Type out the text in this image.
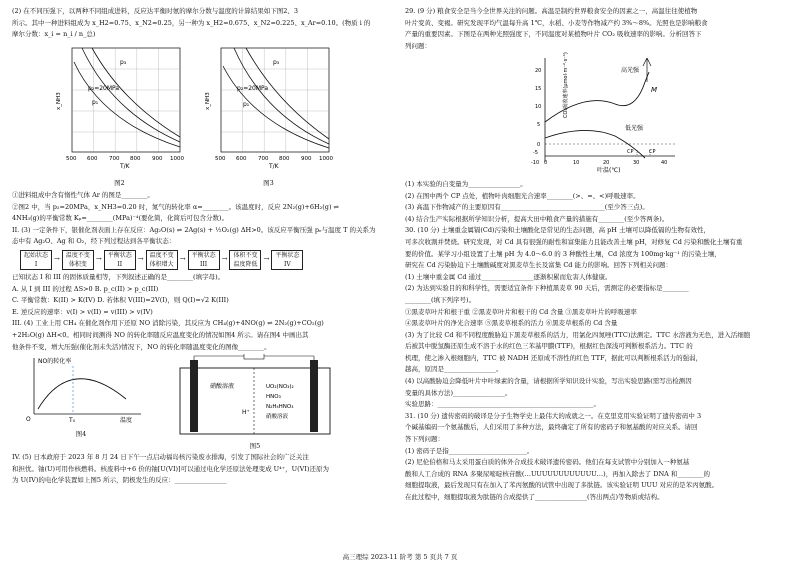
(2) 在不同压强下，以两种不同组成进料，反应达平衡时氨的摩尔分数与温度的计算结果如下图2、3

所示。其中一种进料组成为 x_H2=0.75、x_N2=0.25，另一种为 x_H2=0.675、x_N2=0.225、x_Ar=0.10。(物质 i 的

摩尔分数：x_i = n_i / n_总)

p₃
p₂=20MPa
p₁
x_NH3
500 600 700 800 900 1000
T/K
图2
p₃
p₂=20MPa
p₁
x_NH3
500 600 700 800 900 1000
T/K
图3

①进料组成中含有惰性气体 Ar 的图是________。

②图2 中，当 p₂=20MPa，x_NH3=0.20 时，氮气的转化率 α=________。该温度时，反应 2N₂(g)+6H₂(g) ⇌

4NH₃(g)的平衡常数 Kₚ=________(MPa)⁻⁴(要化简，化简后可包含分数)。

II. (3) 一定条件下，银催化剂表面上存在反应：Ag₂O(s) ⇌ 2Ag(s) + ½O₂(g) ΔH>0。该反应平衡压强 pₑ与温度 T 的关系为

态中有 Ag₂O、Ag 和 O₂，经下列过程达到各平衡状态：

起始状态
I
→	温度不变
体积变
→	平衡状态
II
→	温度不变
体积增大
→	平衡状态
III
→	体积不变
温度降低
→	平衡状态
IV

已知状态 I 和 III 的固体质量相等，下列叙述正确的是________(填字母)。

A. 从 I 到 III 的过程 ΔS>0 B. p_c(II) > p_c(III)

C. 平衡常数：K(II) > K(IV) D. 若体积 V(III)=2V(I)，则 Q(I)=√2 K(III)

E. 逆反应的速率：v(I) > v(II) = v(III) > v(IV)

III. (4) 工业上用 CH₄ 在催化剂作用下还原 NO 消除污染，其反应为 CH₄(g)+4NO(g) ⇌ 2N₂(g)+CO₂(g)

+2H₂O(g) ΔH<0。相同时间测得 NO 的转化率随反应温度变化的情况如图4 所示。请在图4 中画出其

他条件不变，增大压强(催化剂未失活)情况下，NO 的转化率随温度变化的图像________。

NO的转化率
O	T₀	温度
图4
硝酸溶液
H⁺
UO₂(NO₃)₂
HNO₃
N₂H₄HNO₃
硝酸溶液
图5

IV. (5) 日本政府于 2023 年 8 月 24 日下午一点启动福岛核污染废水排海，引发了国际社会的广泛关注

和担忧。铀(U)可用作核燃料。核废料中+6 价的铀[U(VI)]可以通过电化学还原法处理变成 U⁴⁺，U(VI)还原为

为 U(IV)的电化学装置如上图5 所示，阴极发生的反应：________________

29. (9 分) 粮食安全是当今全世界关注的问题。高温是制约世界粮食安全的因素之一，高温往往使植物

叶片变黄、变褐。研究发现平均气温每升高 1℃，水稻、小麦等作物减产约 3%～8%。光照也是影响粮食

产量的重要因素。下图是在两种光照强度下，不同温度对某植物叶片 CO₂ 吸收速率的影响。分析回答下

列问题：

高光强
低光强
M
CP	CP
CO₂吸收速率(μmol·m⁻²·s⁻¹)
20
15
10
5
0
-5
-10 0	10	20	30	40
叶温(℃)

(1) 本实验的自变量为________________。

(2) 在图中两个 CP 点处，植物叶肉细胞光合速率________(>、=、<)呼吸速率。

(3) 高温下作物减产的主要原因有________________________________(至少答三点)。

(4) 结合生产实际根据所学知识分析，提高大田中粮食产量的措施有________(至少答两条)。

30. (10 分) 土壤重金属镉(Cd)污染和土壤酸化是常见的生态问题，高 pH 土壤可以降低镉的生物有效性，

可多次收割并焚烧。研究发现，对 Cd 具有很强的耐性和富集能力且能改善土壤 pH，对修复 Cd 污染和酸化土壤有重

要的价值。某学习小组设置了土壤 pH 为 4.0～6.0 的 3 种酸性土壤，Cd 浓度为 100mg·kg⁻¹ 的污染土壤，

研究在 Cd 污染胁迫下土壤酸碱度对黑麦草生长及富集 Cd 能力的影响。回答下列相关问题：

(1) 土壤中重金属 Cd 通过________________逐渐积累而危害人体健康。

(2) 为达到实验目的和科学性，需要适宜条件下种植黑麦草 90 天后，需测定的必要指标是________

________(填下列序号)。

①黑麦草叶片和根干重 ②黑麦草叶片和根干的 Cd 含量 ③黑麦草叶片的呼吸速率

④黑麦草叶片的净光合速率 ⑤黑麦草根系的活力 ⑥黑麦草根系的 Cd 含量

(3) 为了比较 Cd 和不同程度酸胁迫下黑麦草根系的活力，用氯化四氮唑(TTC)法测定。TTC 水溶液为无色，进入活细胞

后被其中脱氢酶还原生成不溶于水的红色三苯基甲臜(TTF)，根据红色深浅可判断根系活力。TTC 的

机理，使之渗入根细胞内，TTC 被 NADH 还原成不溶性的红色 TTF，据此可以判断根系活力的强弱，

越高，原因是________________。

(4) 以高酸胁迫会降低叶片中叶绿素的含量，请根据所学知识设计实验，写出实验思路(需写出检测因

变量的具体方法)________________。

实验思路：________________________________________________。

31. (10 分) 遗传密码的破译是分子生物学史上最伟大的成就之一。在克里克用实验证明了遗传密码中 3

个碱基编码一个氨基酸后，人们采用了多种方法，最终确定了所有的密码子和氨基酸的对应关系。请回

答下列问题：

(1) 密码子是指________________________。

(2) 尼伦伯格和马太采用蛋白质的体外合成技术破译遗传密码。他们在每支试管中分别加入一种氨基

酸和人工合成的 RNA 多聚尿嘧啶核苷酸(…UUUUUUUUUUUU…)，再加入除去了 DNA 和________的

细胞提取液，最后发现只有在加入了苯丙氨酸的试管中出现了多肽链。该实验证明 UUU 对应的是苯丙氨酸。

在此过程中，细胞提取液为肽链的合成提供了________________(答出两点)等物质或结构。

高三理综 2023-11 阶考 第 5 页共 7 页
